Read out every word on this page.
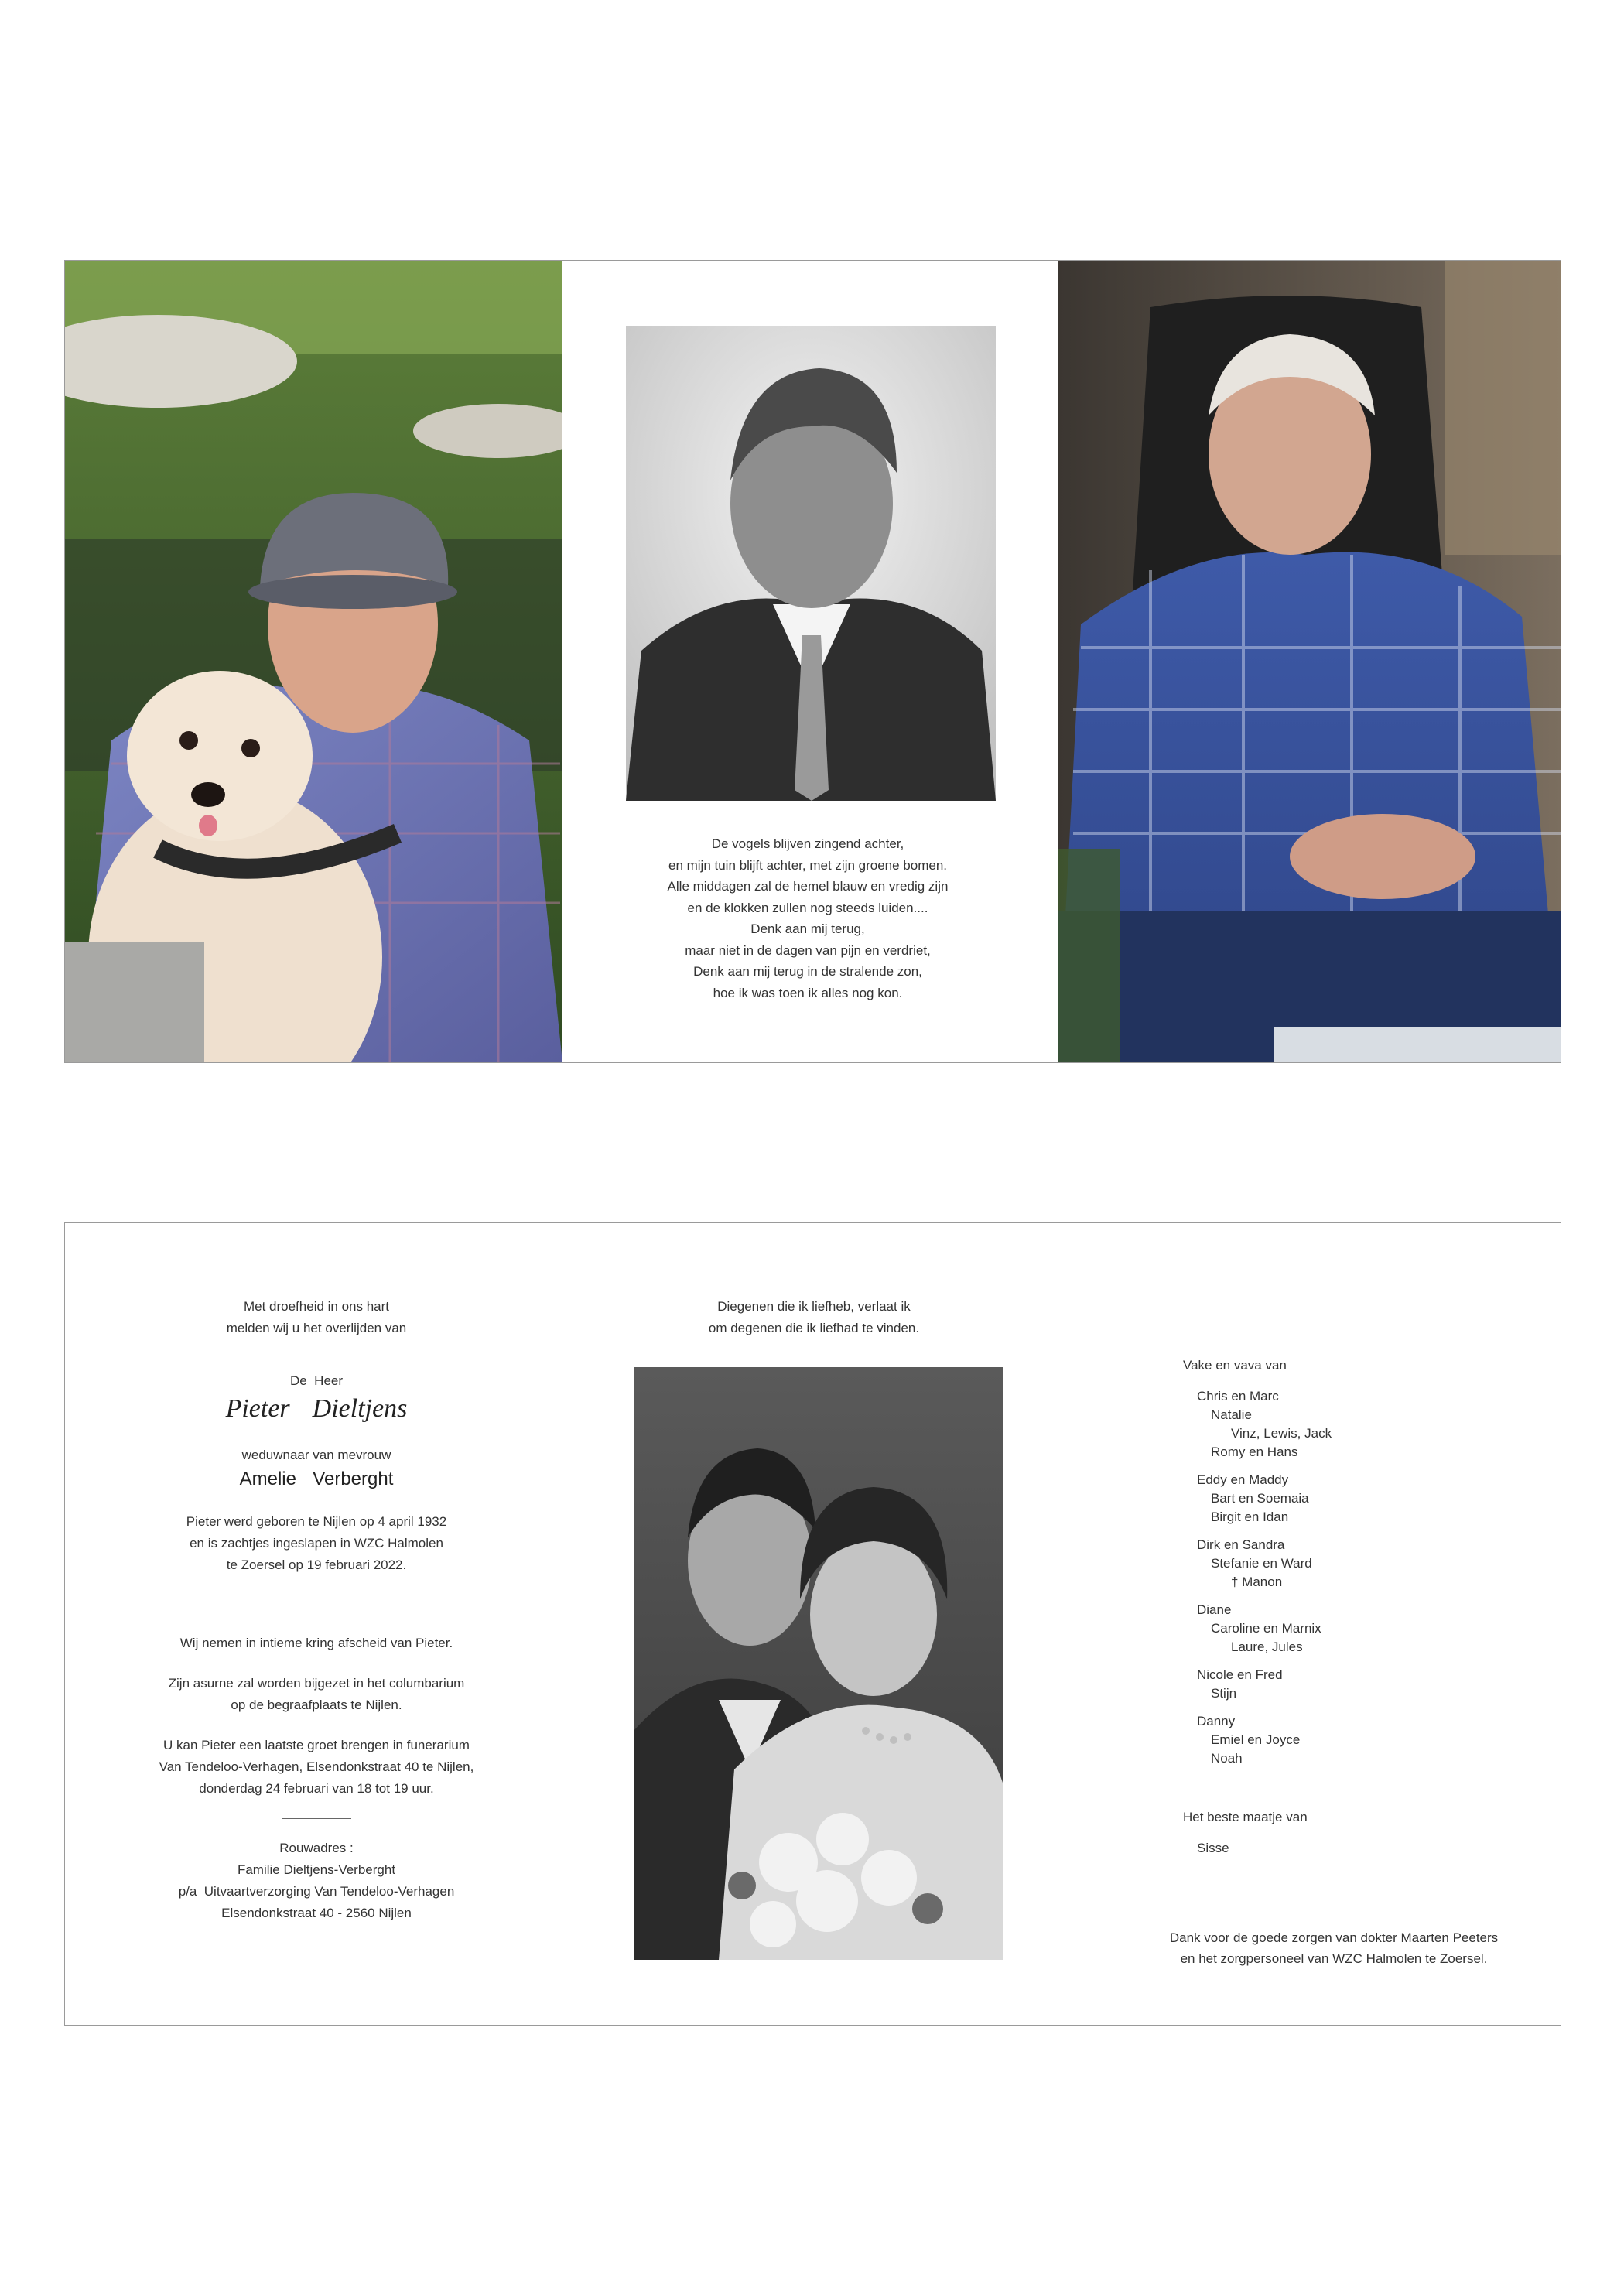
De vogels blijven zingend achter,
en mijn tuin blijft achter, met zijn groene bomen.
Alle middagen zal de hemel blauw en vredig zijn
en de klokken zullen nog steeds luiden....
Denk aan mij terug,
maar niet in de dagen van pijn en verdriet,
Denk aan mij terug in de stralende zon,
hoe ik was toen ik alles nog kon.
Met droefheid in ons hart
melden wij u het overlijden van
De  Heer
Pieter  Dieltjens
weduwnaar van mevrouw
Amelie  Verberght
Pieter werd geboren te Nijlen op 4 april 1932
en is zachtjes ingeslapen in WZC Halmolen
te Zoersel op 19 februari 2022.
Wij nemen in intieme kring afscheid van Pieter.
Zijn asurne zal worden bijgezet in het columbarium
op de begraafplaats te Nijlen.
U kan Pieter een laatste groet brengen in funerarium
Van Tendeloo-Verhagen, Elsendonkstraat 40 te Nijlen,
donderdag 24 februari van 18 tot 19 uur.
Rouwadres :
Familie Dieltjens-Verberght
p/a  Uitvaartverzorging Van Tendeloo-Verhagen
Elsendonkstraat 40 - 2560 Nijlen
Diegenen die ik liefheb, verlaat ik
om degenen die ik liefhad te vinden.
Vake en vava van
Chris en Marc
Natalie
Vinz, Lewis, Jack
Romy en Hans
Eddy en Maddy
Bart en Soemaia
Birgit en Idan
Dirk en Sandra
Stefanie en Ward
† Manon
Diane
Caroline en Marnix
Laure, Jules
Nicole en Fred
Stijn
Danny
Emiel en Joyce
Noah
Het beste maatje van
Sisse
Dank voor de goede zorgen van dokter Maarten Peeters
en het zorgpersoneel van WZC Halmolen te Zoersel.
